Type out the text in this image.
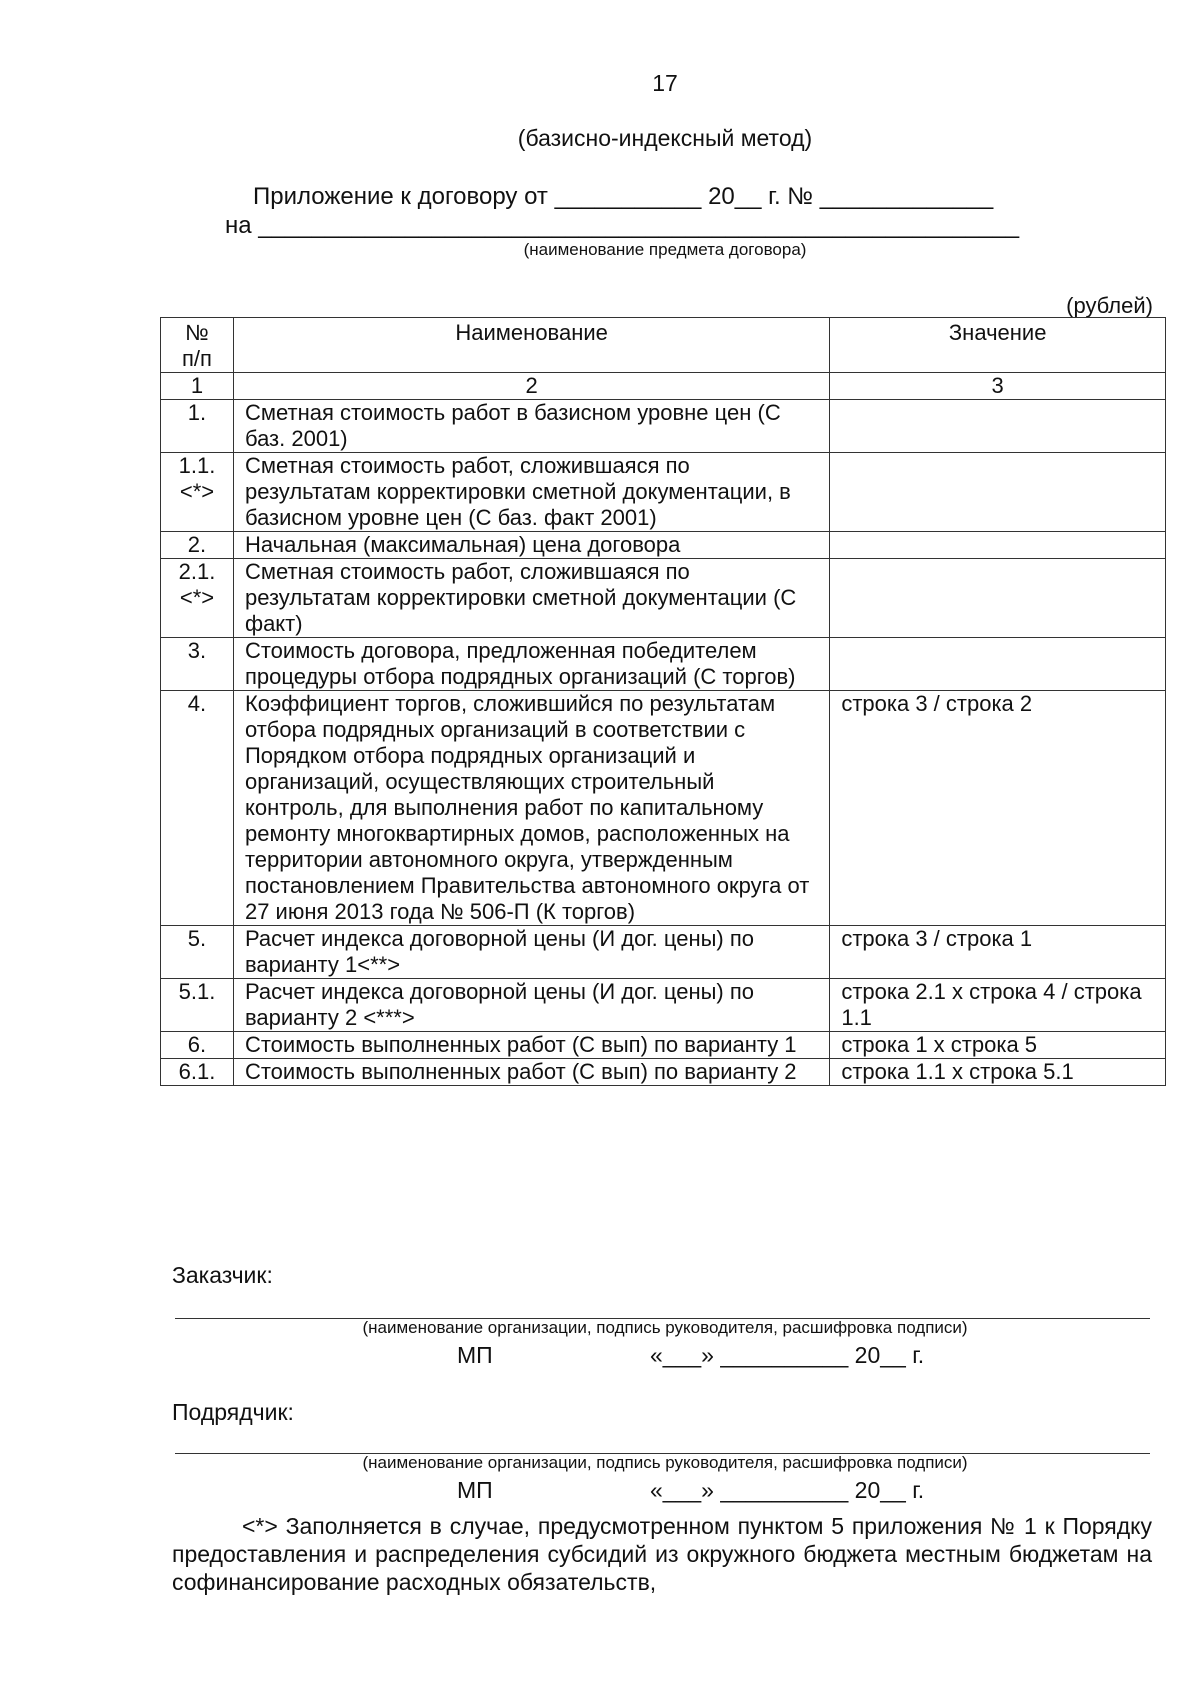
17
(базисно-индексный метод)
Приложение к договору от ___________ 20__ г. № _____________
на _________________________________________________________
(наименование предмета договора)
(рублей)
№ п/п	Наименование	Значение
1	2	3
1.	Сметная стоимость работ в базисном уровне цен (С баз. 2001)	
1.1. <*>	Сметная стоимость работ, сложившаяся по результатам корректировки сметной документации, в базисном уровне цен (С баз. факт 2001)	
2.	Начальная (максимальная) цена договора	
2.1. <*>	Сметная стоимость работ, сложившаяся по результатам корректировки сметной документации (С факт)	
3.	Стоимость договора, предложенная победителем процедуры отбора подрядных организаций (С торгов)	
4.	Коэффициент торгов, сложившийся по результатам отбора подрядных организаций в соответствии с Порядком отбора подрядных организаций и организаций, осуществляющих строительный контроль, для выполнения работ по капитальному ремонту многоквартирных домов, расположенных на территории автономного округа, утвержденным постановлением Правительства автономного округа от 27 июня 2013 года № 506-П (К торгов)	строка 3 / строка 2
5.	Расчет индекса договорной цены (И дог. цены) по варианту 1<**>	строка 3 / строка 1
5.1.	Расчет индекса договорной цены (И дог. цены) по варианту 2 <***>	строка 2.1 x строка 4 / строка 1.1
6.	Стоимость выполненных работ (С вып) по варианту 1	строка 1 x строка 5
6.1.	Стоимость выполненных работ (С вып) по варианту 2	строка 1.1 x строка 5.1
Заказчик:
(наименование организации, подпись руководителя, расшифровка подписи)
МП	«___» __________ 20__ г.
Подрядчик:
(наименование организации, подпись руководителя, расшифровка подписи)
МП	«___» __________ 20__ г.
<*> Заполняется в случае, предусмотренном пунктом 5 приложения № 1 к Порядку предоставления и распределения субсидий из окружного бюджета местным бюджетам на софинансирование расходных обязательств,
